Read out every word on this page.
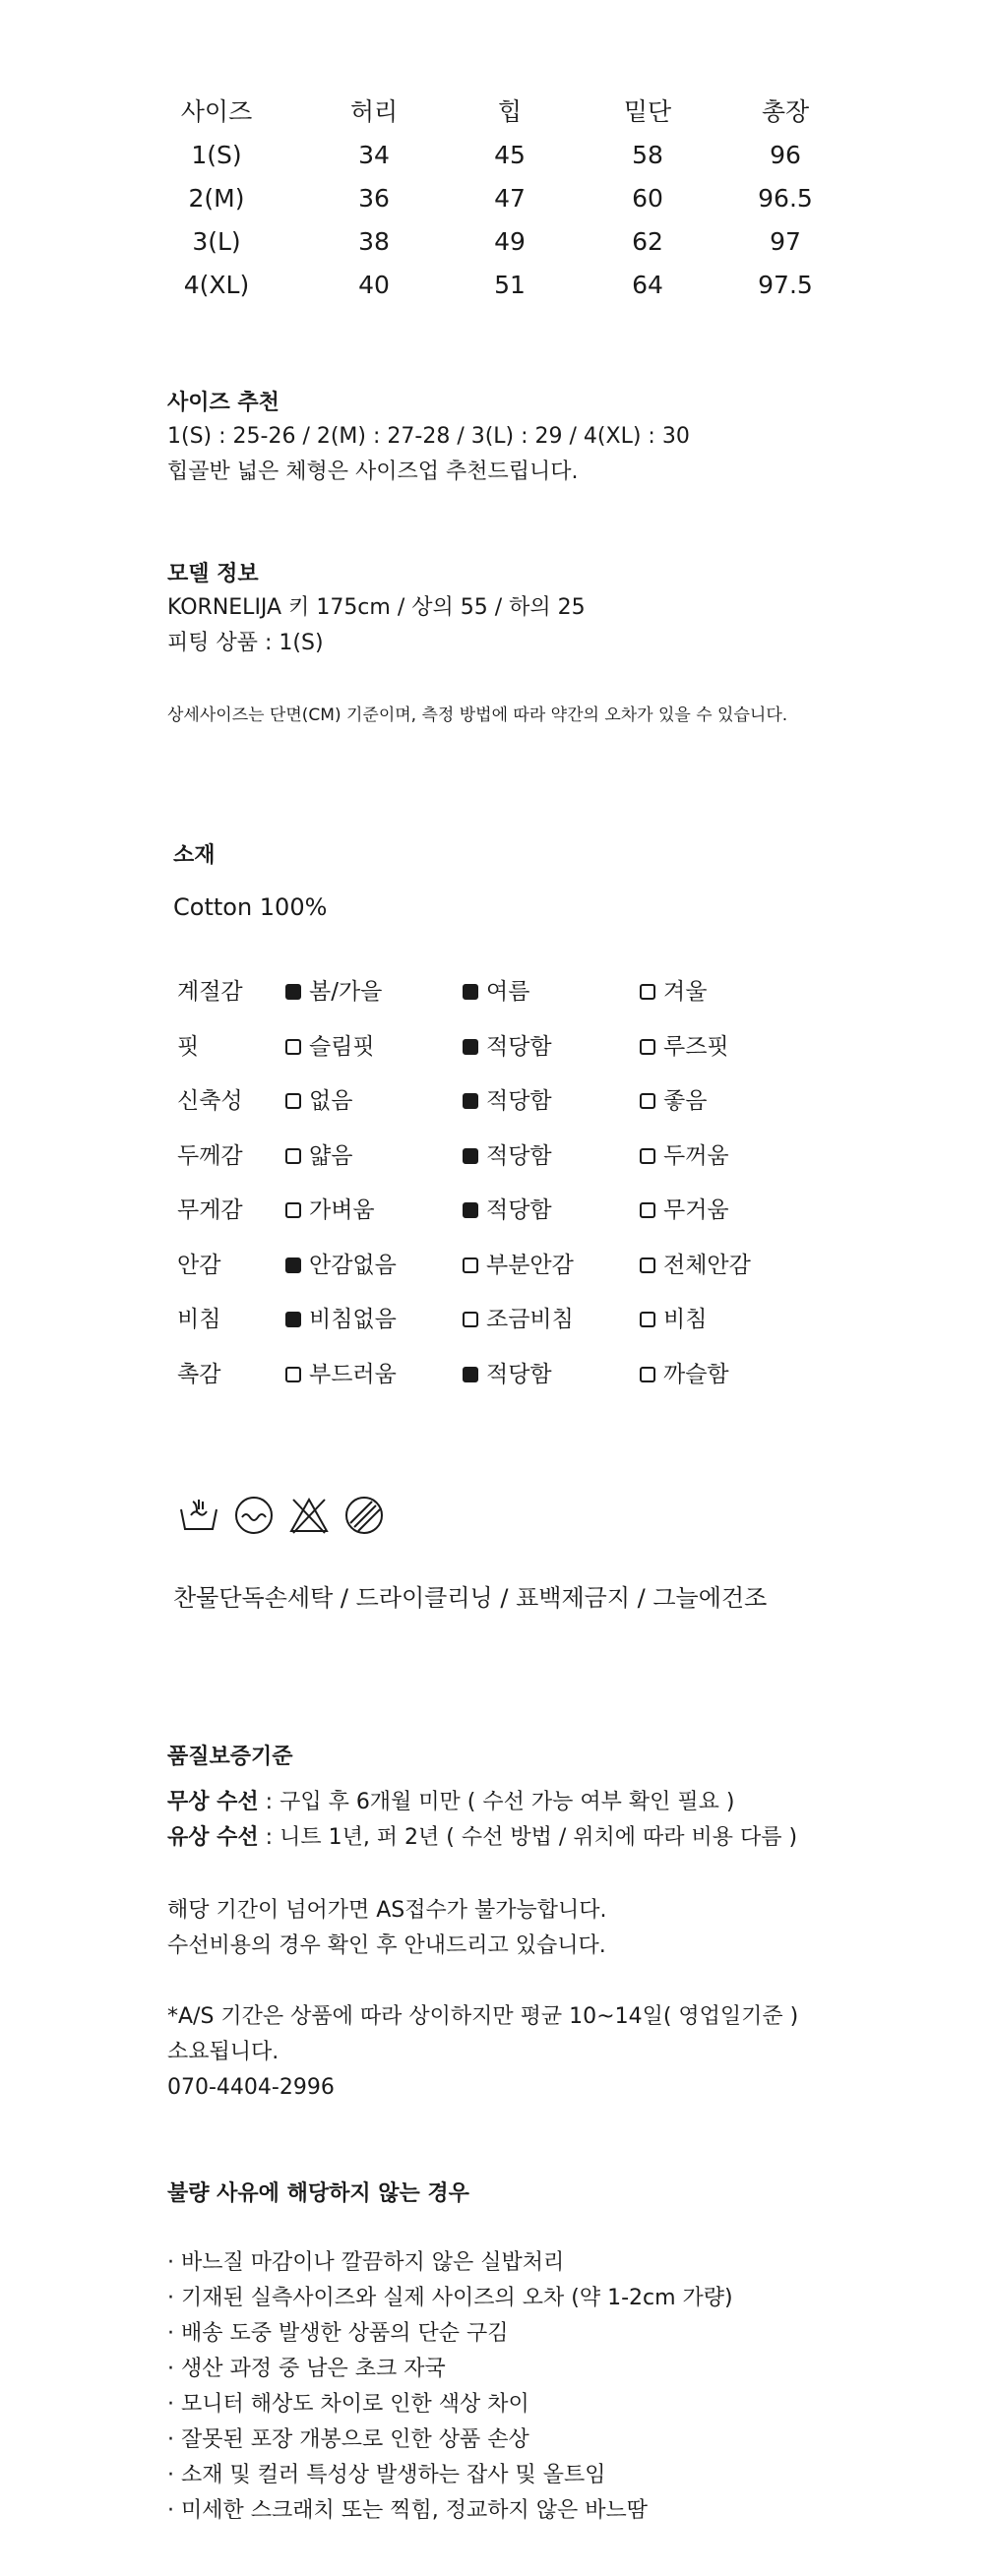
사이즈	허리	힙	밑단	총장
1(S)	34	45	58	96
2(M)	36	47	60	96.5
3(L)	38	49	62	97
4(XL)	40	51	64	97.5
사이즈 추천
1(S) : 25-26 / 2(M) : 27-28 / 3(L) : 29 / 4(XL) : 30
힙골반 넓은 체형은 사이즈업 추천드립니다.
모델 정보
KORNELIJA 키 175cm / 상의 55 / 하의 25
피팅 상품 : 1(S)
상세사이즈는 단면(CM) 기준이며, 측정 방법에 따라 약간의 오차가 있을 수 있습니다.
소재
Cotton 100%
계절감	봄/가을	여름	겨울
핏	슬림핏	적당함	루즈핏
신축성	없음	적당함	좋음
두께감	얇음	적당함	두꺼움
무게감	가벼움	적당함	무거움
안감	안감없음	부분안감	전체안감
비침	비침없음	조금비침	비침
촉감	부드러움	적당함	까슬함
찬물단독손세탁 / 드라이클리닝 / 표백제금지 / 그늘에건조
품질보증기준
무상 수선 : 구입 후 6개월 미만 ( 수선 가능 여부 확인 필요 )
유상 수선 : 니트 1년, 퍼 2년 ( 수선 방법 / 위치에 따라 비용 다름 )
해당 기간이 넘어가면 AS접수가 불가능합니다.
수선비용의 경우 확인 후 안내드리고 있습니다.
*A/S 기간은 상품에 따라 상이하지만 평균 10~14일( 영업일기준 )
소요됩니다.
070-4404-2996
불량 사유에 해당하지 않는 경우
· 바느질 마감이나 깔끔하지 않은 실밥처리
· 기재된 실측사이즈와 실제 사이즈의 오차 (약 1-2cm 가량)
· 배송 도중 발생한 상품의 단순 구김
· 생산 과정 중 남은 초크 자국
· 모니터 해상도 차이로 인한 색상 차이
· 잘못된 포장 개봉으로 인한 상품 손상
· 소재 및 컬러 특성상 발생하는 잡사 및 올트임
· 미세한 스크래치 또는 찍힘, 정교하지 않은 바느땀
